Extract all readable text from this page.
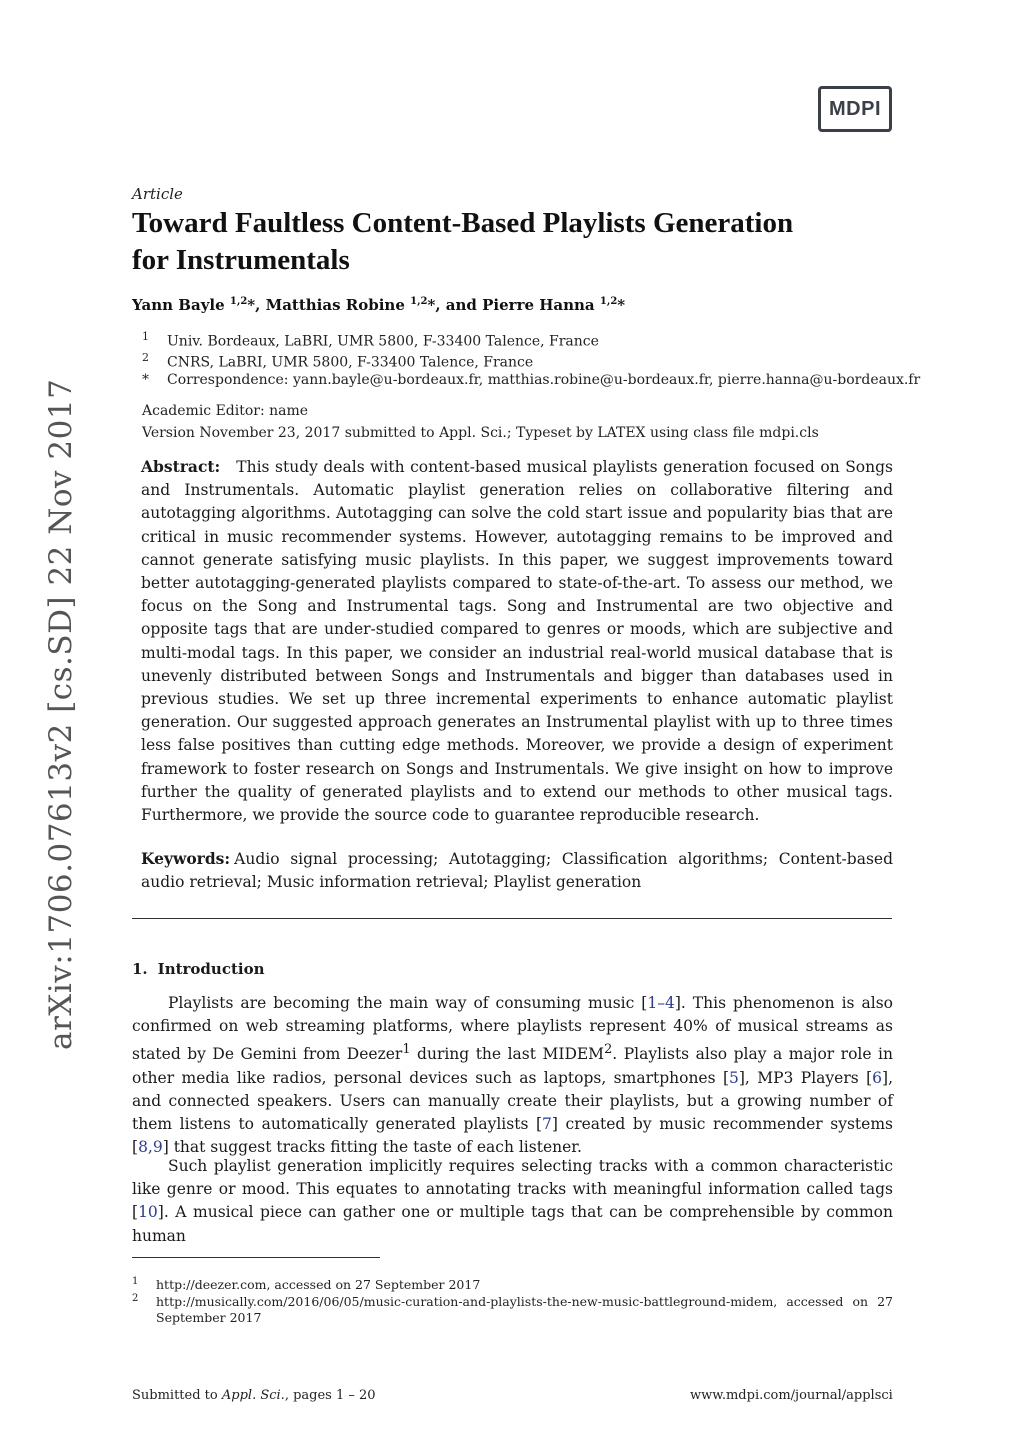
MDPI
arXiv:1706.07613v2 [cs.SD] 22 Nov 2017
Article
Toward Faultless Content-Based Playlists Generation
for Instrumentals
Yann Bayle $^{1,2}$*, Matthias Robine $^{1,2}$*, and Pierre Hanna $^{1,2}$*
1 Univ. Bordeaux, LaBRI, UMR 5800, F-33400 Talence, France
2 CNRS, LaBRI, UMR 5800, F-33400 Talence, France
* Correspondence: yann.bayle@u-bordeaux.fr, matthias.robine@u-bordeaux.fr, pierre.hanna@u-bordeaux.fr
Academic Editor: name
Version November 23, 2017 submitted to Appl. Sci.; Typeset by LATEX using class file mdpi.cls
Abstract: This study deals with content-based musical playlists generation focused on Songs and Instrumentals. Automatic playlist generation relies on collaborative filtering and autotagging algorithms. Autotagging can solve the cold start issue and popularity bias that are critical in music recommender systems. However, autotagging remains to be improved and cannot generate satisfying music playlists. In this paper, we suggest improvements toward better autotagging-generated playlists compared to state-of-the-art. To assess our method, we focus on the Song and Instrumental tags. Song and Instrumental are two objective and opposite tags that are under-studied compared to genres or moods, which are subjective and multi-modal tags. In this paper, we consider an industrial real-world musical database that is unevenly distributed between Songs and Instrumentals and bigger than databases used in previous studies. We set up three incremental experiments to enhance automatic playlist generation. Our suggested approach generates an Instrumental playlist with up to three times less false positives than cutting edge methods. Moreover, we provide a design of experiment framework to foster research on Songs and Instrumentals. We give insight on how to improve further the quality of generated playlists and to extend our methods to other musical tags. Furthermore, we provide the source code to guarantee reproducible research.
Keywords: Audio signal processing; Autotagging; Classification algorithms; Content-based audio retrieval; Music information retrieval; Playlist generation
1. Introduction
Playlists are becoming the main way of consuming music [1–4]. This phenomenon is also confirmed on web streaming platforms, where playlists represent 40% of musical streams as stated by De Gemini from Deezer$^1$ during the last MIDEM$^2$. Playlists also play a major role in other media like radios, personal devices such as laptops, smartphones [5], MP3 Players [6], and connected speakers. Users can manually create their playlists, but a growing number of them listens to automatically generated playlists [7] created by music recommender systems [8,9] that suggest tracks fitting the taste of each listener.
Such playlist generation implicitly requires selecting tracks with a common characteristic like genre or mood. This equates to annotating tracks with meaningful information called tags [10]. A musical piece can gather one or multiple tags that can be comprehensible by common human
1 http://deezer.com, accessed on 27 September 2017
2 http://musically.com/2016/06/05/music-curation-and-playlists-the-new-music-battleground-midem, accessed on 27 September 2017
Submitted to Appl. Sci., pages 1 – 20	www.mdpi.com/journal/applsci
